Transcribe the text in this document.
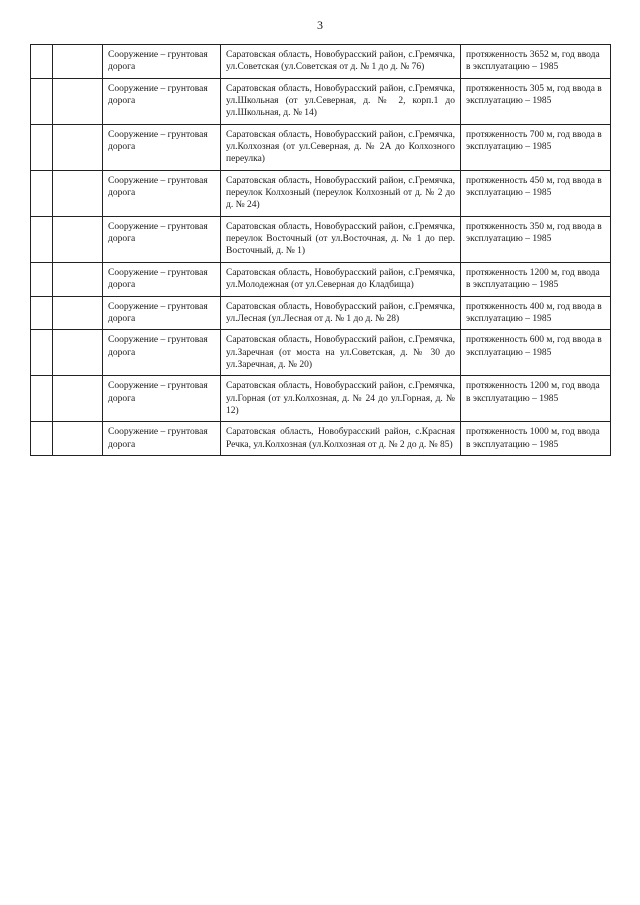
3
		Сооружение – грунтовая дорога	Саратовская область, Новобурасский район, с.Гремячка, ул.Советская (ул.Советская от д. № 1 до д. № 76)	протяженность 3652 м, год ввода в эксплуатацию – 1985
		Сооружение – грунтовая дорога	Саратовская область, Новобурасский район, с.Гремячка, ул.Школьная (от ул.Северная, д. № 2, корп.1 до ул.Школьная, д. № 14)	протяженность 305 м, год ввода в эксплуатацию – 1985
		Сооружение – грунтовая дорога	Саратовская область, Новобурасский район, с.Гремячка, ул.Колхозная (от ул.Северная, д. № 2А до Колхозного переулка)	протяженность 700 м, год ввода в эксплуатацию – 1985
		Сооружение – грунтовая дорога	Саратовская область, Новобурасский район, с.Гремячка, переулок Колхозный (переулок Колхозный от д. № 2 до д. № 24)	протяженность 450 м, год ввода в эксплуатацию – 1985
		Сооружение – грунтовая дорога	Саратовская область, Новобурасский район, с.Гремячка, переулок Восточный (от ул.Восточная, д. № 1 до пер. Восточный, д. № 1)	протяженность 350 м, год ввода в эксплуатацию – 1985
		Сооружение – грунтовая дорога	Саратовская область, Новобурасский район, с.Гремячка, ул.Молодежная (от ул.Северная до Кладбища)	протяженность 1200 м, год ввода в эксплуатацию – 1985
		Сооружение – грунтовая дорога	Саратовская область, Новобурасский район, с.Гремячка, ул.Лесная (ул.Лесная от д. № 1 до д. № 28)	протяженность 400 м, год ввода в эксплуатацию – 1985
		Сооружение – грунтовая дорога	Саратовская область, Новобурасский район, с.Гремячка, ул.Заречная (от моста на ул.Советская, д. № 30 до ул.Заречная, д. № 20)	протяженность 600 м, год ввода в эксплуатацию – 1985
		Сооружение – грунтовая дорога	Саратовская область, Новобурасский район, с.Гремячка, ул.Горная (от ул.Колхозная, д. № 24 до ул.Горная, д. № 12)	протяженность 1200 м, год ввода в эксплуатацию – 1985
		Сооружение – грунтовая дорога	Саратовская область, Новобурасский район, с.Красная Речка, ул.Колхозная (ул.Колхозная от д. № 2 до д. № 85)	протяженность 1000 м, год ввода в эксплуатацию – 1985
